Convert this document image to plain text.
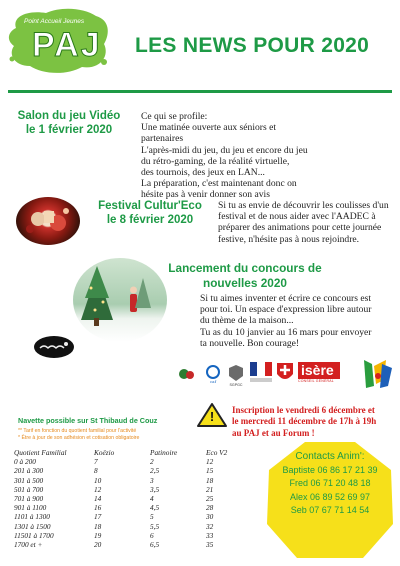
Point Accueil Jeunes
PAJ LES NEWS POUR 2020
Salon du jeu Vidéo
le 1 février 2020
Ce qui se profile:
Une matinée ouverte aux séniors et
partenaires
L'après-midi du jeu, du jeu et encore du jeu
du rétro-gaming, de la réalité virtuelle,
des tournois, des jeux en LAN...
La préparation, c'est maintenant donc on
hésite pas à venir donner son avis
Festival Cultur'Eco
le 8 février 2020
Si tu as envie de découvrir les coulisses d'un
festival et de nous aider avec l'AADEC à
préparer des animations pour cette journée
festive, n'hésite pas à nous rejoindre.
Lancement du concours de
nouvelles 2020
Si tu aimes inventer et écrire ce concours est
pour toi. Un espace d'expression libre autour
du thème de la maison...
Tu as du 10 janvier au 16 mars pour envoyer
ta nouvelle. Bon courage!
caf
SGPGC
isère
CONSEIL GÉNÉRAL
Navette possible sur St Thibaud de Couz
** Tarif en fonction du quotient familial pour l'activité
* Être à jour de son adhésion et cotisation obligatoire
Quotient Familial	Koëzio	Patinoire	Eco V2
0 à 200	7	2	12
201 à 300	8	2,5	15
301 à 500	10	3	18
501 à 700	12	3,5	21
701 à 900	14	4	25
901 à 1100	16	4,5	28
1101 à 1300	17	5	30
1301 à 1500	18	5,5	32
11501 à 1700	19	6	33
1700 et +	20	6,5	35
!	Inscription le vendredi 6 décembre et
le mercredi 11 décembre de 17h à 19h
au PAJ et au Forum !
Contacts Anim':
Baptiste 06 86 17 21 39
Fred 06 71 20 48 18
Alex 06 89 52 69 97
Seb 07 67 71 14 54
